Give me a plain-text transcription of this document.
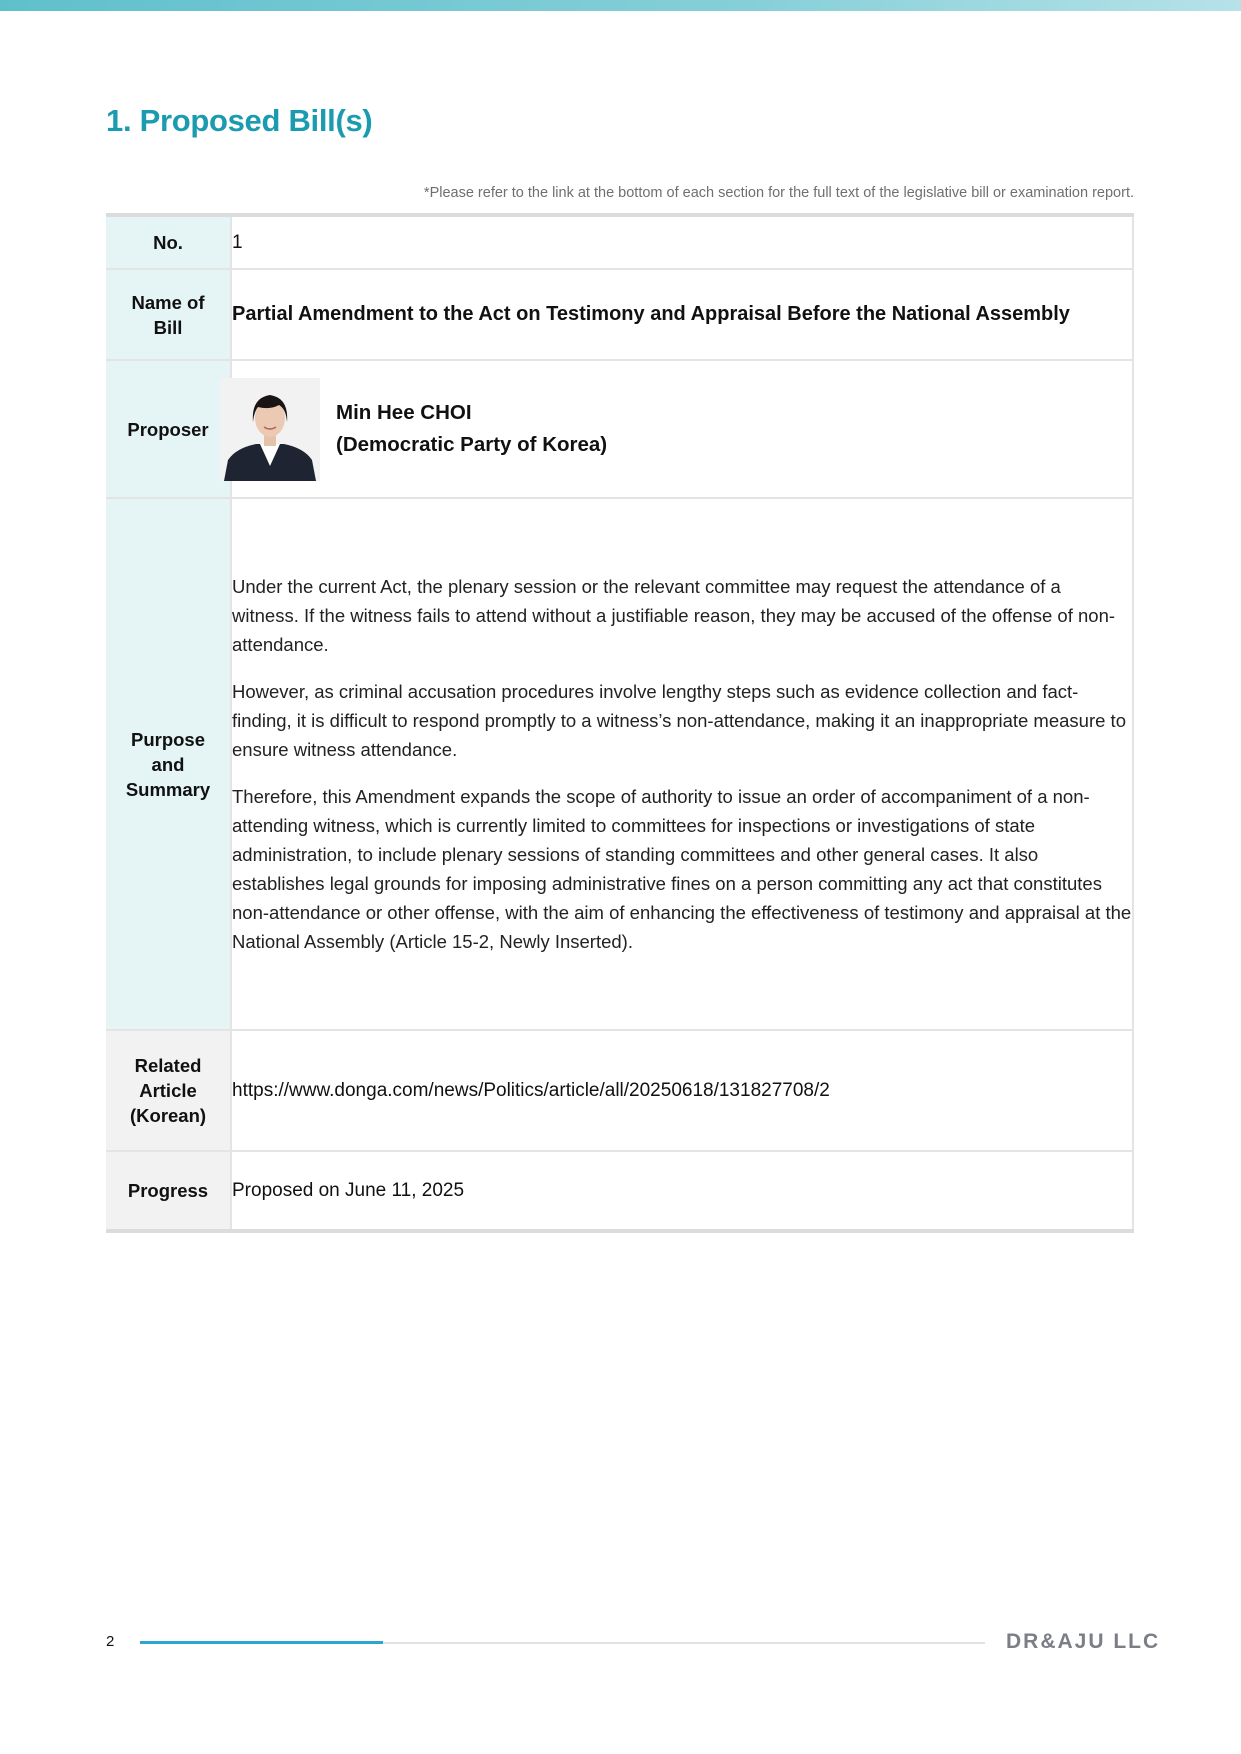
1. Proposed Bill(s)
*Please refer to the link at the bottom of each section for the full text of the legislative bill or examination report.
No.	1

Name of Bill	Partial Amendment to the Act on Testimony and Appraisal Before the National Assembly
Proposer	Min Hee CHOI
(Democratic Party of Korea)

Purpose and Summary	Under the current Act, the plenary session or the relevant committee may request the attendance of a witness. If the witness fails to attend without a justifiable reason, they may be accused of the offense of non-attendance.

However, as criminal accusation procedures involve lengthy steps such as evidence collection and fact-finding, it is difficult to respond promptly to a witness’s non-attendance, making it an inappropriate measure to ensure witness attendance.

Therefore, this Amendment expands the scope of authority to issue an order of accompaniment of a non-attending witness, which is currently limited to committees for inspections or investigations of state administration, to include plenary sessions of standing committees and other general cases. It also establishes legal grounds for imposing administrative fines on a person committing any act that constitutes non-attendance or other offense, with the aim of enhancing the effectiveness of testimony and appraisal at the National Assembly (Article 15-2, Newly Inserted).

Related Article (Korean)	https://www.donga.com/news/Politics/article/all/20250618/131827708/2
Progress	Proposed on June 11, 2025
2	DR&AJU LLC
